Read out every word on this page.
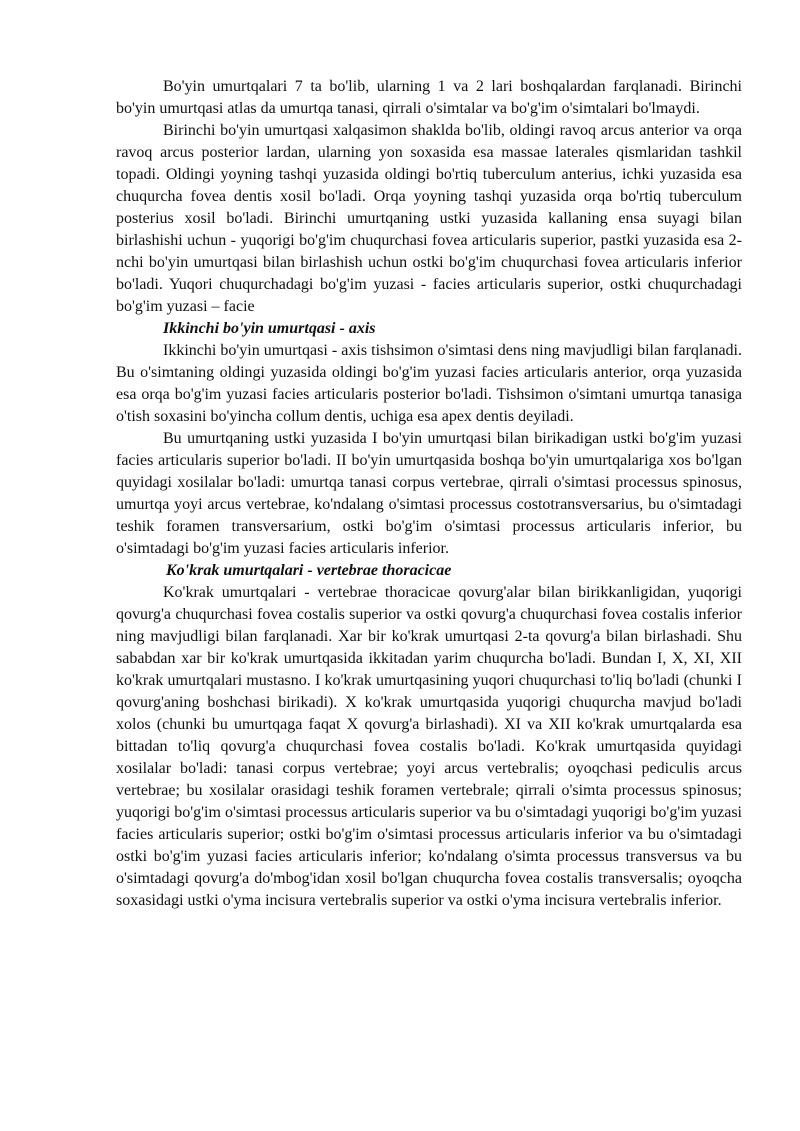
Bo'yin umurtqalari 7 ta bo'lib, ularning 1 va 2 lari boshqalardan farqlanadi. Birinchi bo'yin umurtqasi atlas da umurtqa tanasi, qirrali o'simtalar va bo'g'im o'simtalari bo'lmaydi.

Birinchi bo'yin umurtqasi xalqasimon shaklda bo'lib, oldingi ravoq arcus anterior va orqa ravoq arcus posterior lardan, ularning yon soxasida esa massae laterales qismlaridan tashkil topadi. Oldingi yoyning tashqi yuzasida oldingi bo'rtiq tuberculum anterius, ichki yuzasida esa chuqurcha fovea dentis xosil bo'ladi. Orqa yoyning tashqi yuzasida orqa bo'rtiq tuberculum posterius xosil bo'ladi. Birinchi umurtqaning ustki yuzasida kallaning ensa suyagi bilan birlashishi uchun - yuqorigi bo'g'im chuqurchasi fovea articularis superior, pastki yuzasida esa 2-nchi bo'yin umurtqasi bilan birlashish uchun ostki bo'g'im chuqurchasi fovea articularis inferior bo'ladi. Yuqori chuqurchadagi bo'g'im yuzasi - facies articularis superior, ostki chuqurchadagi bo'g'im yuzasi – facie

Ikkinchi bo'yin umurtqasi - axis

Ikkinchi bo'yin umurtqasi - axis tishsimon o'simtasi dens ning mavjudligi bilan farqlanadi. Bu o'simtaning oldingi yuzasida oldingi bo'g'im yuzasi facies articularis anterior, orqa yuzasida esa orqa bo'g'im yuzasi facies articularis posterior bo'ladi. Tishsimon o'simtani umurtqa tanasiga o'tish soxasini bo'yincha collum dentis, uchiga esa apex dentis deyiladi.

Bu umurtqaning ustki yuzasida I bo'yin umurtqasi bilan birikadigan ustki bo'g'im yuzasi facies articularis superior bo'ladi. II bo'yin umurtqasida boshqa bo'yin umurtqalariga xos bo'lgan quyidagi xosilalar bo'ladi: umurtqa tanasi corpus vertebrae, qirrali o'simtasi processus spinosus, umurtqa yoyi arcus vertebrae, ko'ndalang o'simtasi processus costotransversarius, bu o'simtadagi teshik foramen transversarium, ostki bo'g'im o'simtasi processus articularis inferior, bu o'simtadagi bo'g'im yuzasi facies articularis inferior.

Ko'krak umurtqalari - vertebrae thoracicae

Ko'krak umurtqalari - vertebrae thoracicae qovurg'alar bilan birikkanligidan, yuqorigi qovurg'a chuqurchasi fovea costalis superior va ostki qovurg'a chuqurchasi fovea costalis inferior ning mavjudligi bilan farqlanadi. Xar bir ko'krak umurtqasi 2-ta qovurg'a bilan birlashadi. Shu sababdan xar bir ko'krak umurtqasida ikkitadan yarim chuqurcha bo'ladi. Bundan I, X, XI, XII ko'krak umurtqalari mustasno. I ko'krak umurtqasining yuqori chuqurchasi to'liq bo'ladi (chunki I qovurg'aning boshchasi birikadi). X ko'krak umurtqasida yuqorigi chuqurcha mavjud bo'ladi xolos (chunki bu umurtqaga faqat X qovurg'a birlashadi). XI va XII ko'krak umurtqalarda esa bittadan to'liq qovurg'a chuqurchasi fovea costalis bo'ladi. Ko'krak umurtqasida quyidagi xosilalar bo'ladi: tanasi corpus vertebrae; yoyi arcus vertebralis; oyoqchasi pediculis arcus vertebrae; bu xosilalar orasidagi teshik foramen vertebrale; qirrali o'simta processus spinosus; yuqorigi bo'g'im o'simtasi processus articularis superior va bu o'simtadagi yuqorigi bo'g'im yuzasi facies articularis superior; ostki bo'g'im o'simtasi processus articularis inferior va bu o'simtadagi ostki bo'g'im yuzasi facies articularis inferior; ko'ndalang o'simta processus transversus va bu o'simtadagi qovurg'a do'mbog'idan xosil bo'lgan chuqurcha fovea costalis transversalis; oyoqcha soxasidagi ustki o'yma incisura vertebralis superior va ostki o'yma incisura vertebralis inferior.
